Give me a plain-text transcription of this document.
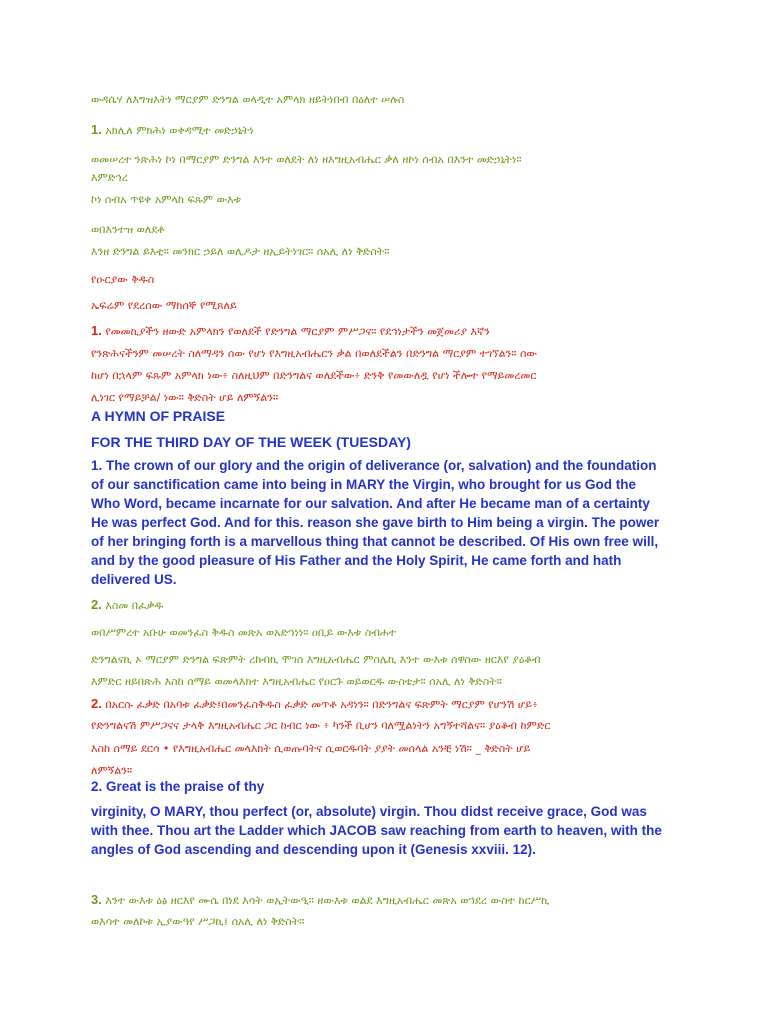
ውዳሴሃ ለእግዝእትነ ማርያም ድንግል ወላዲተ አምላክ ዘይትነበብ በዕለተ ሠሉስ

1. አክሊለ ምክሕነ ወቀዳሚተ መድኃኒትነ

ወመሠረተ ንጽሕነ ኮነ በማርያም ድንግል እንተ ወለደት ለነ ዘእግዚአብሔር ቃለ ዘኮነ ሰብአ በእንተ መድኃኒትነ።

እምድኅረ

ኮነ ሰብአ ጥዩቀ አምላከ ፍጹም ውእቱ

ወበእንተዝ ወለደቶ

እንዘ ድንግል ይእቲ። መንክር ኃይለ ወሊዶታ ዘኢይትነገር። ሰአሊ ለነ ቅድስት።

የዑርያው ቅዱስ

ኤፍሬም የደረሰው ማክሰኞ የሚጸለይ

1. የመመኪያችን ዘውድ አምላክን የወለደች የድንግል ማርያም ምሥጋና። የደኅነታችን መጀመሪያ እኛን

የንጽሕናችንም መሠረት ስለማዳን ሰው የሆነ የእግዚአብሔርን ቃል በወለደችልን በድንግል ማርያም ተገኘልን። ሰው

ከሆነ በኋላም ፍጹም አምላክ ነው፥ ስለዚህም በድንግልና ወለደችው፥ ድንቅ የመውለዷ የሆነ ችሎተ የማይመረመር

ሊነገር የማይቻል/ ነው። ቅድስት ሆይ ለምኝልን።

A HYMN OF PRAISE

FOR THE THIRD DAY OF THE WEEK (TUESDAY)

1. The crown of our glory and the origin of deliverance (or, salvation) and the foundation

of our sanctification came into being in MARY the Virgin, who brought for us God the

Who Word, became incarnate for our salvation. And after He became man of a certainty

He was perfect God. And for this. reason she gave birth to Him being a virgin. The power

of her bringing forth is a marvellous thing that cannot be described. Of His own free will,

and by the good pleasure of His Father and the Holy Spirit, He came forth and hath

delivered US.

2. እስመ በፈቃዱ

ወበሥምረተ አቡሁ ወመንፈስ ቅዱስ መጽአ ወአድኀነነ። ዐቢይ ውእቱ ስብሐተ

ድንግልናኪ ኦ ማርያም ድንግል ፍጽምት ረከብኪ ሞገሰ እግዚአብሔር ምስሌኪ እንተ ውእቱ ሰዋስው ዘርእየ ያዕቆብ

እምድር ዘይበጽሕ እስከ ሰማይ ወመላእክተ እግዚአብሔር የዐርጉ ወይወርዱ ውስቴታ። ሰአሊ ለነ ቅድስት።

2. በአርሱ ፈቃድ በአባቱ ፈቃድ፤በመንፈስቅዱስ ፈቃድ መጥቶ አዳነን። በድንግልና ፍጽምት ማርያም የሆንሽ ሆይ፥

የድንግልናሽ ምሥጋናና ታላቅ እግዚአብሔር ጋር ከብር ነው ፥ ካንች ቢሆን ባለሟልነትን አግኝተሻልና። ያዕቆብ ከምድር

እስከ ሰማይ ደርሳ • የእግዚአብሔር መላእክት ሲወጡባትና ሲወርዱባት ያያት መሰላል አንቺ ነሽ። _ ቅድስት ሆይ

ለምኝልን።

2. Great is the praise of thy

virginity, O MARY, thou perfect (or, absolute) virgin. Thou didst receive grace, God was

with thee. Thou art the Ladder which JACOB saw reaching from earth to heaven, with the

angles of God ascending and descending upon it (Genesis xxviii. 12).

3. እንተ ውእቱ ዕፅ ዘርእየ ሙሴ በነደ እሳት ወኢትውዒ። ዘውእቱ ወልደ እግዚአብሔር መጽአ ወኀደረ ውስተ ከርሥኪ

ወእሳተ መለኮቱ ኢያውዓየ ሥጋኪ፤ ሰአሊ ለነ ቅድስት።
